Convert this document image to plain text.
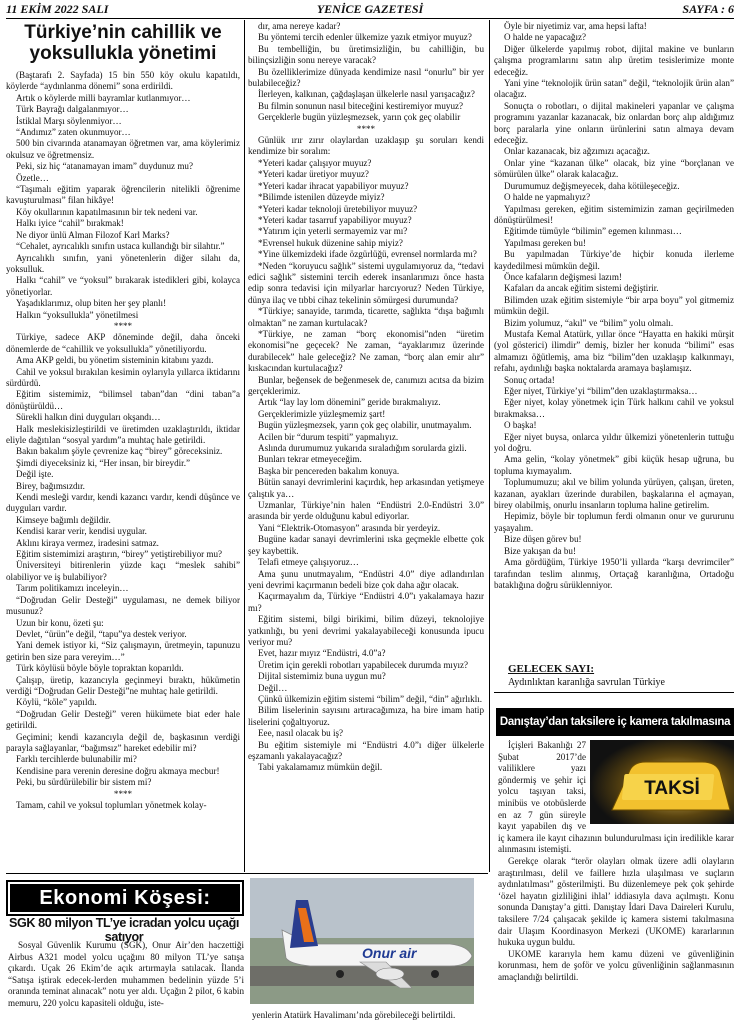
11 EKİM 2022 SALI	YENİCE GAZETESİ	SAYFA : 6
Türkiye’nin cahillik ve
yoksullukla yönetimi

(Baştarafı 2. Sayfada) 15 bin 550 köy okulu kapatıldı, köylerde “aydınlanma dönemi” sona erdirildi.

Artık o köylerde milli bayramlar kutlanmıyor…

Türk Bayrağı dalgalanmıyor…

İstiklal Marşı söylenmiyor…

“Andımız” zaten okunmuyor…

500 bin civarında atanamayan öğretmen var, ama köylerimiz okulsuz ve öğretmensiz.

Peki, siz hiç “atanamayan imam” duydunuz mu?

Özetle…

“Taşımalı eğitim yaparak öğrencilerin nitelikli öğrenime kavuşturulması” filan hikâye!

Köy okullarının kapatılmasının bir tek nedeni var.

Halkı iyice “cahil” bırakmak!

Ne diyor ünlü Alman Filozof Karl Marks?

“Cehalet, ayrıcalıklı sınıfın ustaca kullandığı bir silahtır.”

Ayrıcalıklı sınıfın, yani yönetenlerin diğer silahı da, yoksulluk.

Halkı “cahil” ve “yoksul” bırakarak istedikleri gibi, kolayca yönetiyorlar.

Yaşadıklarımız, olup biten her şey planlı!

Halkın “yoksullukla” yönetilmesi

****

Türkiye, sadece AKP döneminde değil, daha önceki dönemlerde de “cahillik ve yoksullukla” yönetiliyordu.

Ama AKP geldi, bu yönetim sisteminin kitabını yazdı.

Cahil ve yoksul bırakılan kesimin oylarıyla yıllarca iktidarını sürdürdü.

Eğitim sistemimiz, “bilimsel taban”dan “dini taban”a dönüştürüldü…

Sürekli halkın dini duyguları okşandı…

Halk meslekisizleştirildi ve üretimden uzaklaştırıldı, iktidar eliyle dağıtılan “sosyal yardım”a muhtaç hale getirildi.

Bakın bakalım şöyle çevrenize kaç “birey” göreceksiniz.

Şimdi diyeceksiniz ki, “Her insan, bir bireydir.”

Değil işte.

Birey, bağımsızdır.

Kendi mesleği vardır, kendi kazancı vardır, kendi düşünce ve duyguları vardır.

Kimseye bağımlı değildir.

Kendisi karar verir, kendisi uygular.

Aklını kiraya vermez, iradesini satmaz.

Eğitim sistemimizi araştırın, “birey” yetiştirebiliyor mu?

Üniversiteyi bitirenlerin yüzde kaçı “meslek sahibi” olabiliyor ve iş bulabiliyor?

Tarım politikamızı inceleyin…

“Doğrudan Gelir Desteği” uygulaması, ne demek biliyor musunuz?

Uzun bir konu, özeti şu:

Devlet, “ürün”e değil, “tapu”ya destek veriyor.

Yani demek istiyor ki, “Siz çalışmayın, üretmeyin, tapunuzu getirin ben size para vereyim…”

Türk köylüsü böyle böyle topraktan koparıldı.

Çalışıp, üretip, kazancıyla geçinmeyi bıraktı, hükümetin verdiği “Doğrudan Gelir Desteği”ne muhtaç hale getirildi.

Köylü, “köle” yapıldı.

“Doğrudan Gelir Desteği” veren hükümete biat eder hale getirildi.

Geçimini; kendi kazancıyla değil de, başkasının verdiği parayla sağlayanlar, “bağımsız” hareket edebilir mi?

Farklı tercihlerde bulunabilir mi?

Kendisine para verenin deresine doğru akmaya mecbur!

Peki, bu sürdürülebilir bir sistem mi?

****

Tamam, cahil ve yoksul toplumları yönetmek kolay-

dır, ama nereye kadar?

Bu yöntemi tercih edenler ülkemize yazık etmiyor muyuz?

Bu tembelliğin, bu üretimsizliğin, bu cahilliğin, bu bilinçsizliğin sonu nereye varacak?

Bu özelliklerimize dünyada kendimize nasıl “onurlu” bir yer bulabileceğiz?

İlerleyen, kalkınan, çağdaşlaşan ülkelerle nasıl yarışacağız?

Bu filmin sonunun nasıl biteceğini kestiremiyor muyuz?

Gerçeklerle bugün yüzleşmezsek, yarın çok geç olabilir

****

Günlük ırır zırır olaylardan uzaklaşıp şu soruları kendi kendimize bir soralım:

*Yeteri kadar çalışıyor muyuz?

*Yeteri kadar üretiyor muyuz?

*Yeteri kadar ihracat yapabiliyor muyuz?

*Bilimde istenilen düzeyde miyiz?

*Yeteri kadar teknoloji üretebiliyor muyuz?

*Yeteri kadar tasarruf yapabiliyor muyuz?

*Yatırım için yeterli sermayemiz var mı?

*Evrensel hukuk düzenine sahip miyiz?

*Yine ülkemizdeki ifade özgürlüğü, evrensel normlarda mı?

*Neden “koruyucu sağlık” sistemi uygulamıyoruz da, “tedavi edici sağlık” sistemini tercih ederek insanlarımızı önce hasta edip sonra tedavisi için milyarlar harcıyoruz? Neden Türkiye, dünya ilaç ve tıbbi cihaz tekelinin sömürgesi durumunda?

*Türkiye; sanayide, tarımda, ticarette, sağlıkta “dışa bağımlı olmaktan” ne zaman kurtulacak?

*Türkiye, ne zaman “borç ekonomisi”nden “üretim ekonomisi”ne geçecek? Ne zaman, “ayaklarımız üzerinde durabilecek” hale geleceğiz? Ne zaman, “borç alan emir alır” kıskacından kurtulacağız?

Bunlar, beğensek de beğenmesek de, canımızı acıtsa da bizim gerçeklerimiz.

Artık “lay lay lom dönemini” geride bırakmalıyız.

Gerçeklerimizle yüzleşmemiz şart!

Bugün yüzleşmezsek, yarın çok geç olabilir, unutmayalım.

Acilen bir “durum tespiti” yapmalıyız.

Aslında durumumuz yukarıda sıraladığım sorularda gizli.

Bunları tekrar etmeyeceğim.

Başka bir pencereden bakalım konuya.

Bütün sanayi devrimlerini kaçırdık, hep arkasından yetişmeye çalıştık ya…

Uzmanlar, Türkiye’nin halen “Endüstri 2.0-Endüstri 3.0” arasında bir yerde olduğunu kabul ediyorlar.

Yani “Elektrik-Otomasyon” arasında bir yerdeyiz.

Bugüne kadar sanayi devrimlerini ıska geçmekle elbette çok şey kaybettik.

Telafi etmeye çalışıyoruz…

Ama şunu unutmayalım, “Endüstri 4.0” diye adlandırılan yeni devrimi kaçırmanın bedeli bize çok daha ağır olacak.

Kaçırmayalım da, Türkiye “Endüstri 4.0”ı yakalamaya hazır mı?

Eğitim sistemi, bilgi birikimi, bilim düzeyi, teknolojiye yatkınlığı, bu yeni devrimi yakalayabileceği konusunda ipucu veriyor mu?

Evet, hazır mıyız “Endüstri, 4.0”a?

Üretim için gerekli robotları yapabilecek durumda mıyız?

Dijital sistemimiz buna uygun mu?

Değil…

Çünkü ülkemizin eğitim sistemi “bilim” değil, “din” ağırlıklı.

Bilim liselerinin sayısını artıracağımıza, ha bire imam hatip liselerini çoğaltıyoruz.

Eee, nasıl olacak bu iş?

Bu eğitim sistemiyle mi “Endüstri 4.0”ı diğer ülkelerle eşzamanlı yakalayacağız?

Tabi yakalamamız mümkün değil.

Öyle bir niyetimiz var, ama hepsi lafta!

O halde ne yapacağız?

Diğer ülkelerde yapılmış robot, dijital makine ve bunların çalışma programlarını satın alıp üretim tesislerimize monte edeceğiz.

Yani yine “teknolojik ürün satan” değil, “teknolojik ürün alan” olacağız.

Sonuçta o robotları, o dijital makineleri yapanlar ve çalışma programını yazanlar kazanacak, biz onlardan borç alıp aldığımız borç paralarla yine onların ürünlerini satın almaya devam edeceğiz.

Onlar kazanacak, biz ağzımızı açacağız.

Onlar yine “kazanan ülke” olacak, biz yine “borçlanan ve sömürülen ülke” olarak kalacağız.

Durumumuz değişmeyecek, daha kötüleşeceğiz.

O halde ne yapmalıyız?

Yapılması gereken, eğitim sistemimizin zaman geçirilmeden dönüştürülmesi!

Eğitimde tümüyle “bilimin” egemen kılınması…

Yapılması gereken bu!

Bu yapılmadan Türkiye’de hiçbir konuda ilerleme kaydedilmesi mümkün değil.

Önce kafaların değişmesi lazım!

Kafaları da ancak eğitim sistemi değiştirir.

Bilimden uzak eğitim sistemiyle “bir arpa boyu” yol gitmemiz mümkün değil.

Bizim yolumuz, “akıl” ve “bilim” yolu olmalı.

Mustafa Kemal Atatürk, yıllar önce “Hayatta en hakiki mürşit (yol gösterici) ilimdir” demiş, bizler her konuda “bilimi” esas almamızı öğütlemiş, ama biz “bilim”den uzaklaşıp kalkınmayı, refahı, aydınlığı başka noktalarda aramaya başlamışız.

Sonuç ortada!

Eğer niyet, Türkiye’yi “bilim”den uzaklaştırmaksa…

Eğer niyet, kolay yönetmek için Türk halkını cahil ve yoksul bırakmaksa…

O başka!

Eğer niyet buysa, onlarca yıldır ülkemizi yönetenlerin tuttuğu yol doğru.

Ama gelin, “kolay yönetmek” gibi küçük hesap uğruna, bu topluma kıymayalım.

Toplumumuzu; akıl ve bilim yolunda yürüyen, çalışan, üreten, kazanan, ayakları üzerinde durabilen, başkalarına el açmayan, birey olabilmiş, onurlu insanların topluma haline getirelim.

Hepimiz, böyle bir toplumun ferdi olmanın onur ve gururunu yaşayalım.

Bize düşen görev bu!

Bize yakışan da bu!

Ama gördüğüm, Türkiye 1950’li yıllarda “karşı devrimciler” tarafından teslim alınmış, Ortaçağ karanlığına, Ortadoğu bataklığına doğru sürüklenniyor.

GELECEK SAYI:
Aydınlıktan karanlığa savrulan Türkiye
Danıştay’dan taksilere iç kamera takılmasına
TAKSİ

İçişleri Bakanlığı 27 Şubat 2017’de valiliklere yazı göndermiş ve şehir içi yolcu taşıyan taksi, minibüs ve otobüslerde en az 7 gün süreyle kayıt yapabilen dış ve iç kamera ile kayıt cihazının bulundurulması için iredilikle karar alınmasını istemişti.

Gerekçe olarak “terör olayları olmak üzere adli olayların araştırılması, delil ve faillere hızla ulaşılması ve suçların aydınlatılması” gösterilmişti. Bu düzenlemeye pek çok şehirde ‘özel hayatın gizliliğini ihlal’ iddiasıyla dava açılmıştı. Konu sonunda Danıştay’a gitti. Danıştay İdari Dava Daireleri Kurulu, taksilere 7/24 çalışacak şekilde iç kamera sistemi takılmasına dair Ulaşım Koordinasyon Merkezi (UKOME) kararlarının hukuka uygun buldu.

UKOME kararıyla hem kamu düzeni ve güvenliğinin korunması, hem de şoför ve yolcu güvenliğinin sağlanmasının amaçlandığı belirtildi.

Ekonomi Köşesi:
SGK 80 milyon TL’ye icradan yolcu uçağı satıyor

Sosyal Güvenlik Kurumu (SGK), Onur Air’den haczettiği Airbus A321 model yolcu uçağını 80 milyon TL’ye satışa çıkardı. Uçak 26 Ekim’de açık artırmayla satılacak. İlanda “Satışa iştirak edecek-lerden muhammen bedelinin yüzde 5’i oranında teminat alınacak” notu yer aldı. Uçağın 2 pilot, 6 kabin memuru, 220 yolcu kapasiteli olduğu, iste-

Onur air
yenlerin Atatürk Havalimanı’nda görebileceği belirtildi.
